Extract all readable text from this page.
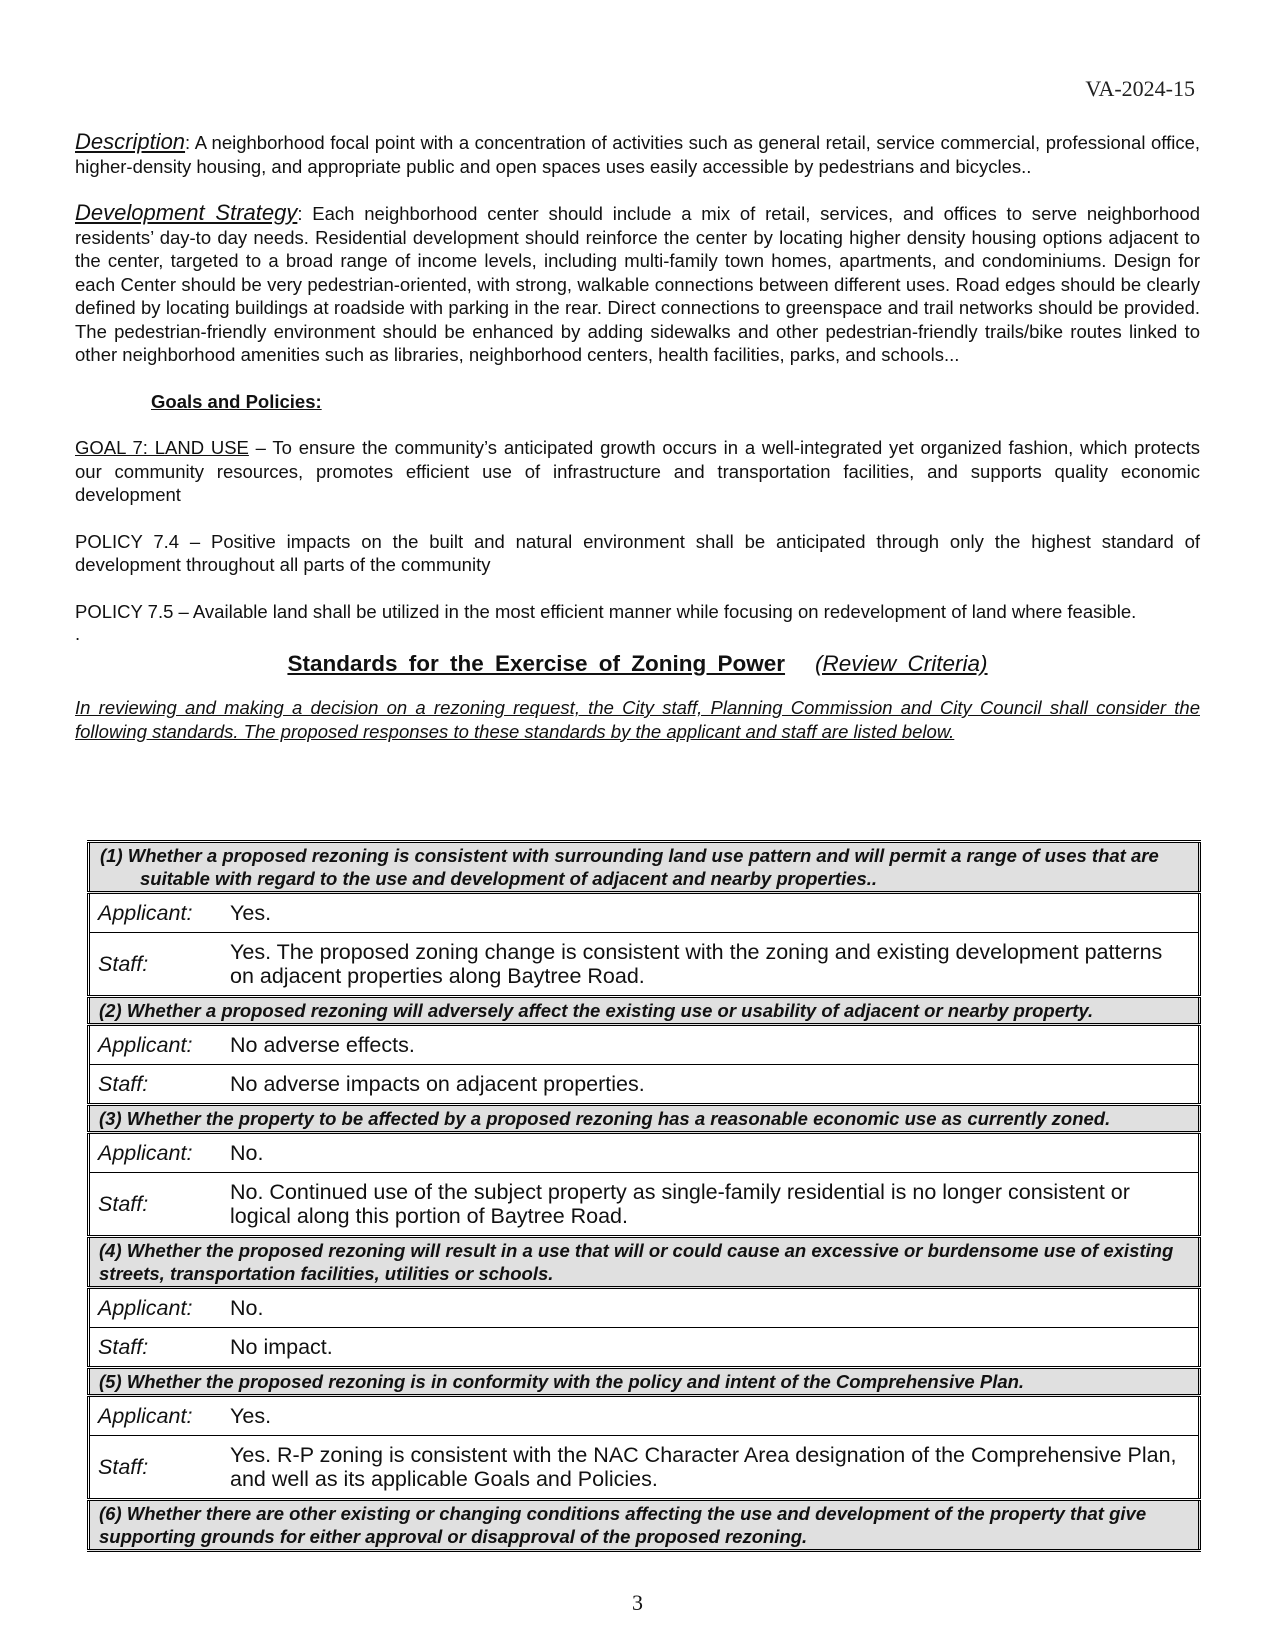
VA-2024-15

Description: A neighborhood focal point with a concentration of activities such as general retail, service commercial, professional office, higher-density housing, and appropriate public and open spaces uses easily accessible by pedestrians and bicycles..

Development Strategy: Each neighborhood center should include a mix of retail, services, and offices to serve neighborhood residents’ day-to day needs. Residential development should reinforce the center by locating higher density housing options adjacent to the center, targeted to a broad range of income levels, including multi-family town homes, apartments, and condominiums. Design for each Center should be very pedestrian-oriented, with strong, walkable connections between different uses. Road edges should be clearly defined by locating buildings at roadside with parking in the rear. Direct connections to greenspace and trail networks should be provided. The pedestrian-friendly environment should be enhanced by adding sidewalks and other pedestrian-friendly trails/bike routes linked to other neighborhood amenities such as libraries, neighborhood centers, health facilities, parks, and schools...

Goals and Policies:

GOAL 7: LAND USE – To ensure the community’s anticipated growth occurs in a well-integrated yet organized fashion, which protects our community resources, promotes efficient use of infrastructure and transportation facilities, and supports quality economic development

POLICY 7.4 – Positive impacts on the built and natural environment shall be anticipated through only the highest standard of development throughout all parts of the community

POLICY 7.5 – Available land shall be utilized in the most efficient manner while focusing on redevelopment of land where feasible.

.

Standards for the Exercise of Zoning Power (Review Criteria)

In reviewing and making a decision on a rezoning request, the City staff, Planning Commission and City Council shall consider the following standards. The proposed responses to these standards by the applicant and staff are listed below.

(1) Whether a proposed rezoning is consistent with surrounding land use pattern and will permit a range of uses that are suitable with regard to the use and development of adjacent and nearby properties..	

Applicant:	Yes.
Staff:	Yes. The proposed zoning change is consistent with the zoning and existing development patterns on adjacent properties along Baytree Road.
(2) Whether a proposed rezoning will adversely affect the existing use or usability of adjacent or nearby property.	
Applicant:	No adverse effects.
Staff:	No adverse impacts on adjacent properties.
(3) Whether the property to be affected by a proposed rezoning has a reasonable economic use as currently zoned.	
Applicant:	No.
Staff:	No. Continued use of the subject property as single-family residential is no longer consistent or logical along this portion of Baytree Road.
(4) Whether the proposed rezoning will result in a use that will or could cause an excessive or burdensome use of existing streets, transportation facilities, utilities or schools.	
Applicant:	No.
Staff:	No impact.
(5) Whether the proposed rezoning is in conformity with the policy and intent of the Comprehensive Plan.	
Applicant:	Yes.
Staff:	Yes. R-P zoning is consistent with the NAC Character Area designation of the Comprehensive Plan, and well as its applicable Goals and Policies.
(6) Whether there are other existing or changing conditions affecting the use and development of the property that give supporting grounds for either approval or disapproval of the proposed rezoning.	
3
